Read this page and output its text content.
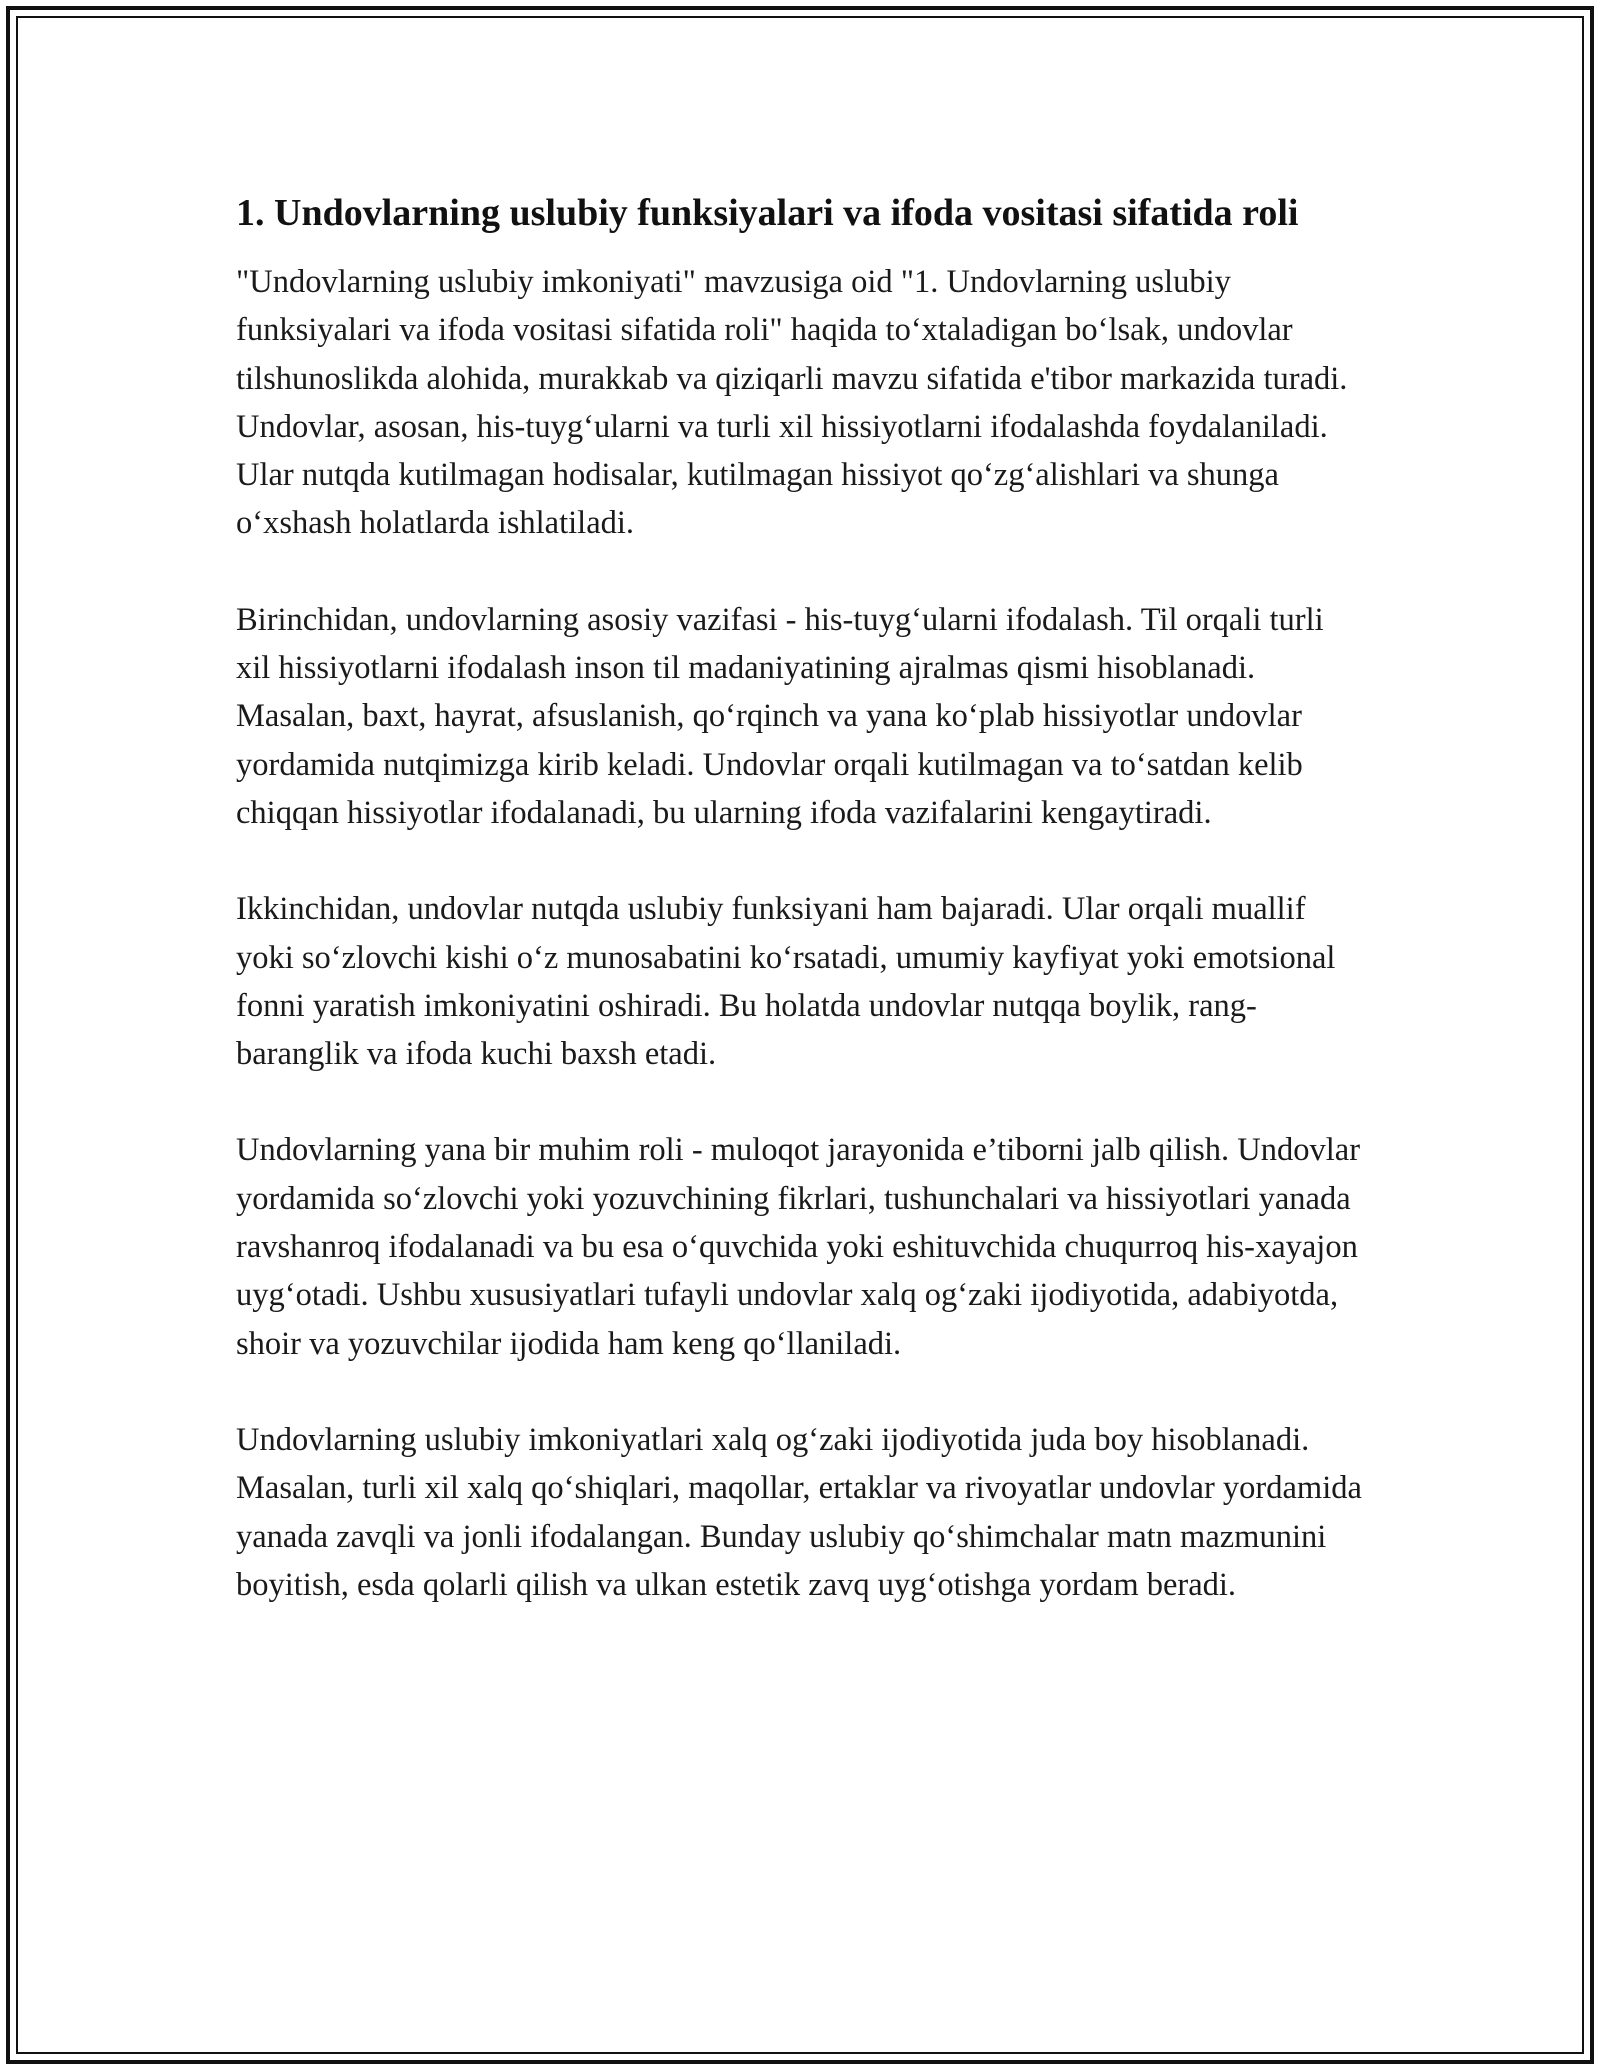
1. Undovlarning uslubiy funksiyalari va ifoda vositasi sifatida roli

"Undovlarning uslubiy imkoniyati" mavzusiga oid "1. Undovlarning uslubiy funksiyalari va ifoda vositasi sifatida roli" haqida to‘xtaladigan bo‘lsak, undovlar tilshunoslikda alohida, murakkab va qiziqarli mavzu sifatida e'tibor markazida turadi. Undovlar, asosan, his-tuyg‘ularni va turli xil hissiyotlarni ifodalashda foydalaniladi. Ular nutqda kutilmagan hodisalar, kutilmagan hissiyot qo‘zg‘alishlari va shunga o‘xshash holatlarda ishlatiladi.

Birinchidan, undovlarning asosiy vazifasi - his-tuyg‘ularni ifodalash. Til orqali turli xil hissiyotlarni ifodalash inson til madaniyatining ajralmas qismi hisoblanadi. Masalan, baxt, hayrat, afsuslanish, qo‘rqinch va yana ko‘plab hissiyotlar undovlar yordamida nutqimizga kirib keladi. Undovlar orqali kutilmagan va to‘satdan kelib chiqqan hissiyotlar ifodalanadi, bu ularning ifoda vazifalarini kengaytiradi.

Ikkinchidan, undovlar nutqda uslubiy funksiyani ham bajaradi. Ular orqali muallif yoki so‘zlovchi kishi o‘z munosabatini ko‘rsatadi, umumiy kayfiyat yoki emotsional fonni yaratish imkoniyatini oshiradi. Bu holatda undovlar nutqqa boylik, rang-baranglik va ifoda kuchi baxsh etadi.

Undovlarning yana bir muhim roli - muloqot jarayonida e’tiborni jalb qilish. Undovlar yordamida so‘zlovchi yoki yozuvchining fikrlari, tushunchalari va hissiyotlari yanada ravshanroq ifodalanadi va bu esa o‘quvchida yoki eshituvchida chuqurroq his-xayajon uyg‘otadi. Ushbu xususiyatlari tufayli undovlar xalq og‘zaki ijodiyotida, adabiyotda, shoir va yozuvchilar ijodida ham keng qo‘llaniladi.

Undovlarning uslubiy imkoniyatlari xalq og‘zaki ijodiyotida juda boy hisoblanadi. Masalan, turli xil xalq qo‘shiqlari, maqollar, ertaklar va rivoyatlar undovlar yordamida yanada zavqli va jonli ifodalangan. Bunday uslubiy qo‘shimchalar matn mazmunini boyitish, esda qolarli qilish va ulkan estetik zavq uyg‘otishga yordam beradi.
